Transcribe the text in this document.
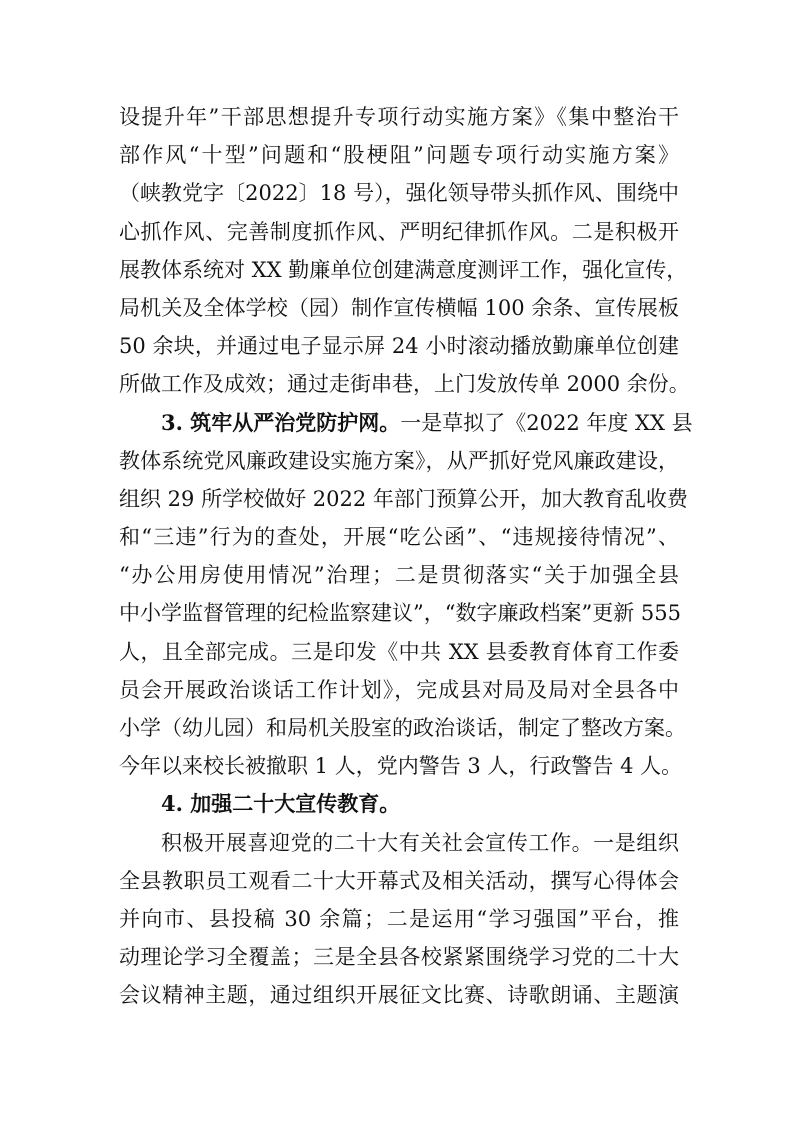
设提升年”干部思想提升专项行动实施方案》《集中整治干
部作风“十型”问题和“股梗阻”问题专项行动实施方案》
（峡教党字〔2022〕18 号），强化领导带头抓作风、围绕中
心抓作风、完善制度抓作风、严明纪律抓作风。二是积极开
展教体系统对 XX 勤廉单位创建满意度测评工作，强化宣传，
局机关及全体学校（园）制作宣传横幅 100 余条、宣传展板
50 余块，并通过电子显示屏 24 小时滚动播放勤廉单位创建
所做工作及成效；通过走街串巷，上门发放传单 2000 余份。
3. 筑牢从严治党防护网。一是草拟了《2022 年度 XX 县
教体系统党风廉政建设实施方案》，从严抓好党风廉政建设，
组织 29 所学校做好 2022 年部门预算公开，加大教育乱收费
和“三违”行为的查处，开展“吃公函”、“违规接待情况”、
“办公用房使用情况”治理；二是贯彻落实“关于加强全县
中小学监督管理的纪检监察建议”，“数字廉政档案”更新 555
人，且全部完成。三是印发《中共 XX 县委教育体育工作委
员会开展政治谈话工作计划》，完成县对局及局对全县各中
小学（幼儿园）和局机关股室的政治谈话，制定了整改方案。
今年以来校长被撤职 1 人，党内警告 3 人，行政警告 4 人。
4. 加强二十大宣传教育。
积极开展喜迎党的二十大有关社会宣传工作。一是组织
全县教职员工观看二十大开幕式及相关活动，撰写心得体会
并向市、县投稿 30 余篇；二是运用“学习强国”平台，推
动理论学习全覆盖；三是全县各校紧紧围绕学习党的二十大
会议精神主题，通过组织开展征文比赛、诗歌朗诵、主题演
